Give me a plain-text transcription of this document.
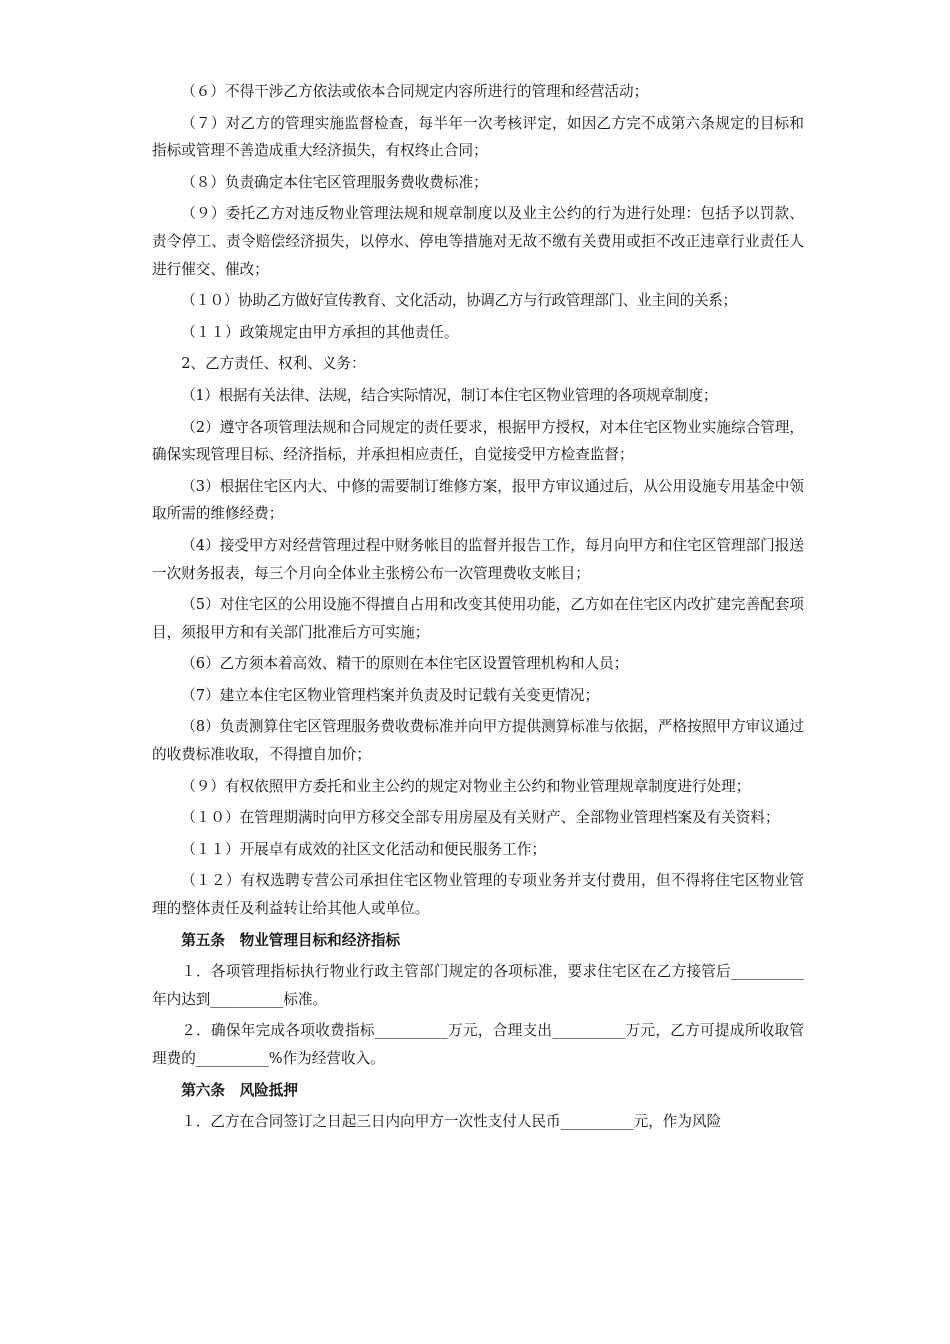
（６）不得干涉乙方依法或依本合同规定内容所进行的管理和经营活动；

（７）对乙方的管理实施监督检查，每半年一次考核评定，如因乙方完不成第六条规定的目标和指标或管理不善造成重大经济损失，有权终止合同；

（８）负责确定本住宅区管理服务费收费标准；

（９）委托乙方对违反物业管理法规和规章制度以及业主公约的行为进行处理：包括予以罚款、责令停工、责令赔偿经济损失，以停水、停电等措施对无故不缴有关费用或拒不改正违章行业责任人进行催交、催改；

（１０）协助乙方做好宣传教育、文化活动，协调乙方与行政管理部门、业主间的关系；

（１１）政策规定由甲方承担的其他责任。

2、乙方责任、权利、义务：

（1）根据有关法律、法规，结合实际情况，制订本住宅区物业管理的各项规章制度；

（2）遵守各项管理法规和合同规定的责任要求，根据甲方授权，对本住宅区物业实施综合管理，确保实现管理目标、经济指标，并承担相应责任，自觉接受甲方检查监督；

（3）根据住宅区内大、中修的需要制订维修方案，报甲方审议通过后，从公用设施专用基金中领取所需的维修经费；

（4）接受甲方对经营管理过程中财务帐目的监督并报告工作，每月向甲方和住宅区管理部门报送一次财务报表，每三个月向全体业主张榜公布一次管理费收支帐目；

（5）对住宅区的公用设施不得擅自占用和改变其使用功能，乙方如在住宅区内改扩建完善配套项目，须报甲方和有关部门批准后方可实施；

（6）乙方须本着高效、精干的原则在本住宅区设置管理机构和人员；

（7）建立本住宅区物业管理档案并负责及时记载有关变更情况；

（8）负责测算住宅区管理服务费收费标准并向甲方提供测算标准与依据，严格按照甲方审议通过的收费标准收取，不得擅自加价；

（９）有权依照甲方委托和业主公约的规定对物业主公约和物业管理规章制度进行处理；

（１０）在管理期满时向甲方移交全部专用房屋及有关财产、全部物业管理档案及有关资料；

（１１）开展卓有成效的社区文化活动和便民服务工作；

（１２）有权选聘专营公司承担住宅区物业管理的专项业务并支付费用，但不得将住宅区物业管理的整体责任及利益转让给其他人或单位。

第五条　物业管理目标和经济指标

１．各项管理指标执行物业行政主管部门规定的各项标准，要求住宅区在乙方接管后__________年内达到__________标准。

２．确保年完成各项收费指标__________万元，合理支出__________万元，乙方可提成所收取管理费的__________%作为经营收入。

第六条　风险抵押

１．乙方在合同签订之日起三日内向甲方一次性支付人民币__________元，作为风险
